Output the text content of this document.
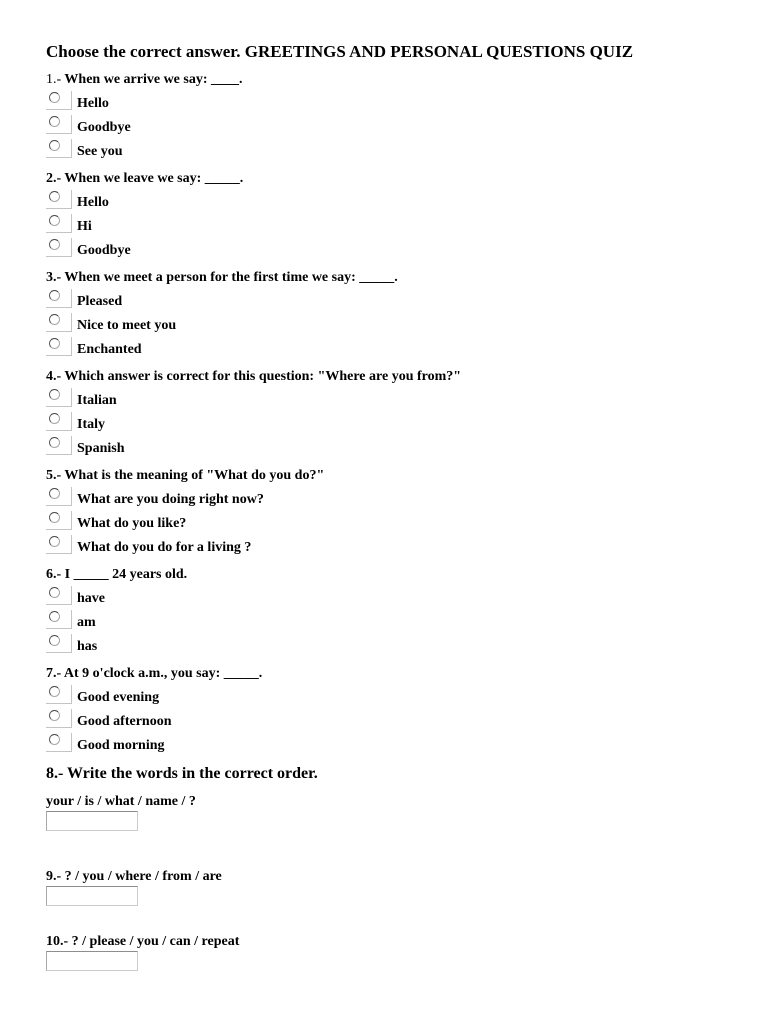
Choose the correct answer. GREETINGS AND PERSONAL QUESTIONS QUIZ
1.- When we arrive we say: ____.
Hello
Goodbye
See you
2.- When we leave we say: _____.
Hello
Hi
Goodbye
3.- When we meet a person for the first time we say: _____.
Pleased
Nice to meet you
Enchanted
4.- Which answer is correct for this question: "Where are you from?"
Italian
Italy
Spanish
5.- What is the meaning of "What do you do?"
What are you doing right now?
What do you like?
What do you do for a living ?
6.- I _____ 24 years old.
have
am
has
7.- At 9 o'clock a.m., you say: _____.
Good evening
Good afternoon
Good morning
8.- Write the words in the correct order.
your / is / what / name / ?
9.- ? / you / where / from / are
10.- ? / please / you / can / repeat
